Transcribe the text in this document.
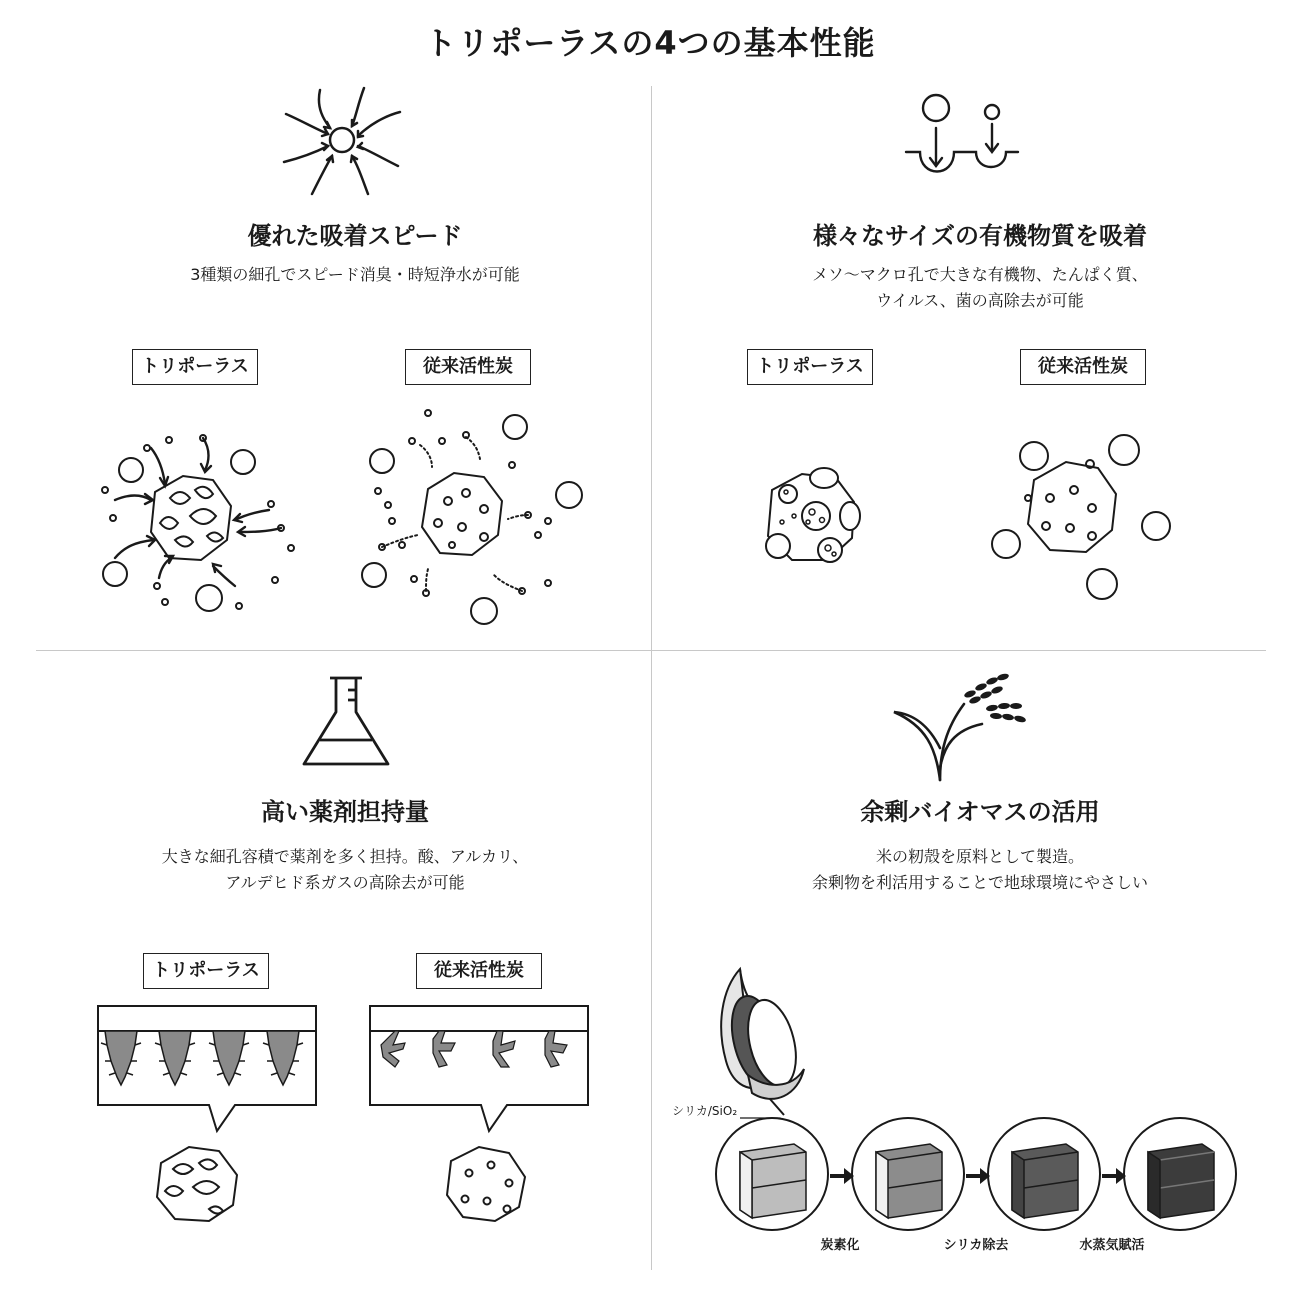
トリポーラスの4つの基本性能
優れた吸着スピード
3種類の細孔でスピード消臭・時短浄水が可能
トリポーラス	従来活性炭
様々なサイズの有機物質を吸着
メソ～マクロ孔で大きな有機物、たんぱく質、
ウイルス、菌の高除去が可能
トリポーラス	従来活性炭
高い薬剤担持量
大きな細孔容積で薬剤を多く担持。酸、アルカリ、
アルデヒド系ガスの高除去が可能
トリポーラス	従来活性炭
余剰バイオマスの活用
米の籾殻を原料として製造。
余剰物を利活用することで地球環境にやさしい
シリカ/SiO₂
炭素化	シリカ除去	水蒸気賦活
